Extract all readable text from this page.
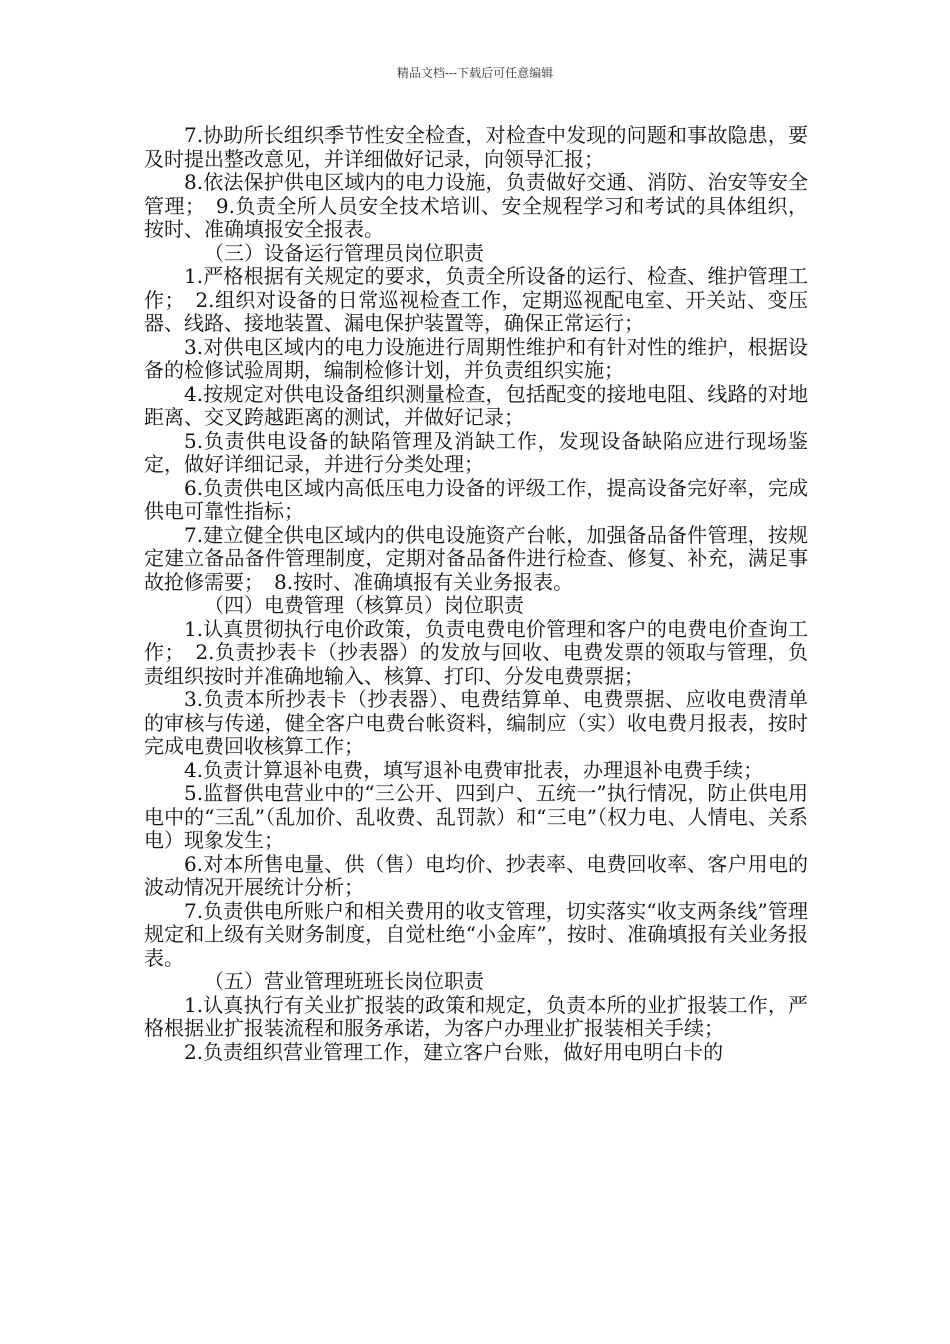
精品文档---下载后可任意编辑

7.协助所长组织季节性安全检查，对检查中发现的问题和事故隐患，要及时提出整改意见，并详细做好记录，向领导汇报；

8.依法保护供电区域内的电力设施，负责做好交通、消防、治安等安全管理；　9.负责全所人员安全技术培训、安全规程学习和考试的具体组织，按时、准确填报安全报表。

（三）设备运行管理员岗位职责

1.严格根据有关规定的要求，负责全所设备的运行、检查、维护管理工作；　2.组织对设备的日常巡视检查工作，定期巡视配电室、开关站、变压器、线路、接地装置、漏电保护装置等，确保正常运行；

3.对供电区域内的电力设施进行周期性维护和有针对性的维护，根据设备的检修试验周期，编制检修计划，并负责组织实施；

4.按规定对供电设备组织测量检查，包括配变的接地电阻、线路的对地距离、交叉跨越距离的测试，并做好记录；

5.负责供电设备的缺陷管理及消缺工作，发现设备缺陷应进行现场鉴定，做好详细记录，并进行分类处理；

6.负责供电区域内高低压电力设备的评级工作，提高设备完好率，完成供电可靠性指标；

7.建立健全供电区域内的供电设施资产台帐，加强备品备件管理，按规定建立备品备件管理制度，定期对备品备件进行检查、修复、补充，满足事故抢修需要；　8.按时、准确填报有关业务报表。

（四）电费管理（核算员）岗位职责

1.认真贯彻执行电价政策，负责电费电价管理和客户的电费电价查询工作；　2.负责抄表卡（抄表器）的发放与回收、电费发票的领取与管理，负责组织按时并准确地输入、核算、打印、分发电费票据；

3.负责本所抄表卡（抄表器）、电费结算单、电费票据、应收电费清单的审核与传递，健全客户电费台帐资料，编制应（实）收电费月报表，按时完成电费回收核算工作；

4.负责计算退补电费，填写退补电费审批表，办理退补电费手续；

5.监督供电营业中的“三公开、四到户、五统一”执行情况，防止供电用电中的“三乱”（乱加价、乱收费、乱罚款）和“三电”（权力电、人情电、关系电）现象发生；

6.对本所售电量、供（售）电均价、抄表率、电费回收率、客户用电的波动情况开展统计分析；

7.负责供电所账户和相关费用的收支管理，切实落实“收支两条线”管理规定和上级有关财务制度，自觉杜绝“小金库”，按时、准确填报有关业务报表。

（五）营业管理班班长岗位职责

1.认真执行有关业扩报装的政策和规定，负责本所的业扩报装工作，严格根据业扩报装流程和服务承诺，为客户办理业扩报装相关手续；

2.负责组织营业管理工作，建立客户台账，做好用电明白卡的
